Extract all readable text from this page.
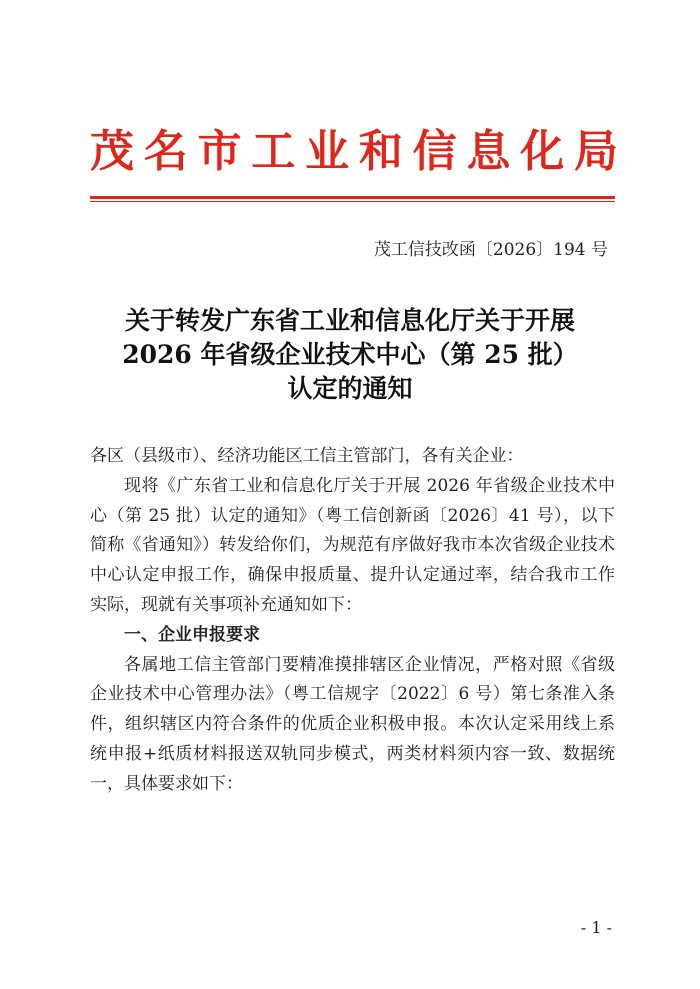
茂名市工业和信息化局
茂工信技改函〔2026〕194 号
关于转发广东省工业和信息化厅关于开展
2026 年省级企业技术中心（第 25 批）
认定的通知

各区（县级市）、经济功能区工信主管部门，各有关企业：

现将《广东省工业和信息化厅关于开展 2026 年省级企业技术中心（第 25 批）认定的通知》（粤工信创新函〔2026〕41 号），以下简称《省通知》）转发给你们，为规范有序做好我市本次省级企业技术中心认定申报工作，确保申报质量、提升认定通过率，结合我市工作实际，现就有关事项补充通知如下：

一、企业申报要求

各属地工信主管部门要精准摸排辖区企业情况，严格对照《省级企业技术中心管理办法》（粤工信规字〔2022〕6 号）第七条准入条件，组织辖区内符合条件的优质企业积极申报。本次认定采用线上系统申报+纸质材料报送双轨同步模式，两类材料须内容一致、数据统一，具体要求如下：

- 1 -
